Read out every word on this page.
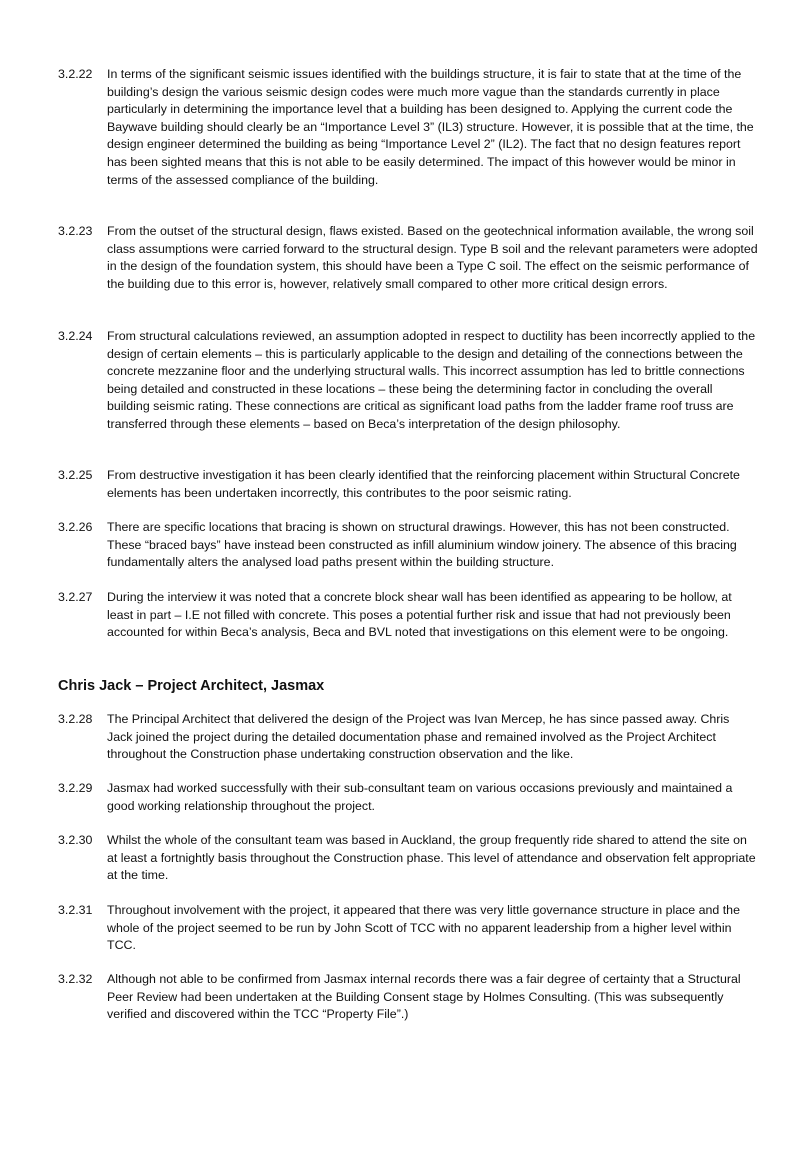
3.2.22	In terms of the significant seismic issues identified with the buildings structure, it is fair to state that at the time of the building’s design the various seismic design codes were much more vague than the standards currently in place particularly in determining the importance level that a building has been designed to. Applying the current code the Baywave building should clearly be an “Importance Level 3” (IL3) structure. However, it is possible that at the time, the design engineer determined the building as being “Importance Level 2” (IL2). The fact that no design features report has been sighted means that this is not able to be easily determined. The impact of this however would be minor in terms of the assessed compliance of the building.

3.2.23	From the outset of the structural design, flaws existed. Based on the geotechnical information available, the wrong soil class assumptions were carried forward to the structural design. Type B soil and the relevant parameters were adopted in the design of the foundation system, this should have been a Type C soil. The effect on the seismic performance of the building due to this error is, however, relatively small compared to other more critical design errors.

3.2.24	From structural calculations reviewed, an assumption adopted in respect to ductility has been incorrectly applied to the design of certain elements – this is particularly applicable to the design and detailing of the connections between the concrete mezzanine floor and the underlying structural walls. This incorrect assumption has led to brittle connections being detailed and constructed in these locations – these being the determining factor in concluding the overall building seismic rating. These connections are critical as significant load paths from the ladder frame roof truss are transferred through these elements – based on Beca’s interpretation of the design philosophy.

3.2.25	From destructive investigation it has been clearly identified that the reinforcing placement within Structural Concrete elements has been undertaken incorrectly, this contributes to the poor seismic rating.

3.2.26	There are specific locations that bracing is shown on structural drawings. However, this has not been constructed. These “braced bays” have instead been constructed as infill aluminium window joinery. The absence of this bracing fundamentally alters the analysed load paths present within the building structure.

3.2.27	During the interview it was noted that a concrete block shear wall has been identified as appearing to be hollow, at least in part – I.E not filled with concrete. This poses a potential further risk and issue that had not previously been accounted for within Beca’s analysis, Beca and BVL noted that investigations on this element were to be ongoing.

Chris Jack – Project Architect, Jasmax
3.2.28	The Principal Architect that delivered the design of the Project was Ivan Mercep, he has since passed away. Chris Jack joined the project during the detailed documentation phase and remained involved as the Project Architect throughout the Construction phase undertaking construction observation and the like.

3.2.29	Jasmax had worked successfully with their sub-consultant team on various occasions previously and maintained a good working relationship throughout the project.

3.2.30	Whilst the whole of the consultant team was based in Auckland, the group frequently ride shared to attend the site on at least a fortnightly basis throughout the Construction phase. This level of attendance and observation felt appropriate at the time.

3.2.31	Throughout involvement with the project, it appeared that there was very little governance structure in place and the whole of the project seemed to be run by John Scott of TCC with no apparent leadership from a higher level within TCC.

3.2.32	Although not able to be confirmed from Jasmax internal records there was a fair degree of certainty that a Structural Peer Review had been undertaken at the Building Consent stage by Holmes Consulting. (This was subsequently verified and discovered within the TCC “Property File”.)
